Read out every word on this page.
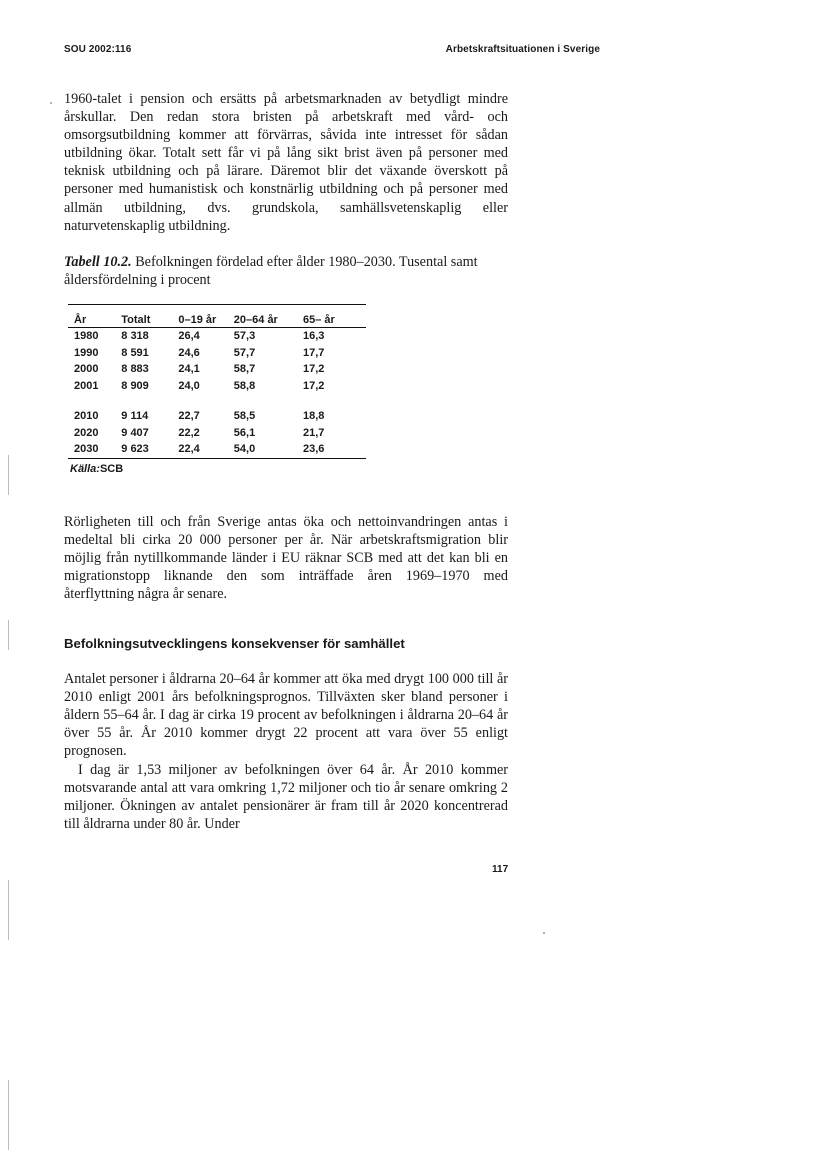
SOU 2002:116	Arbetskraftsituationen i Sverige

1960-talet i pension och ersätts på arbetsmarknaden av betydligt mindre årskullar. Den redan stora bristen på arbetskraft med vård- och omsorgsutbildning kommer att förvärras, såvida inte intresset för sådan utbildning ökar. Totalt sett får vi på lång sikt brist även på personer med teknisk utbildning och på lärare. Däremot blir det växande överskott på personer med humanistisk och konstnärlig utbildning och på personer med allmän utbildning, dvs. grundskola, samhällsvetenskaplig eller naturvetenskaplig utbildning.

Tabell 10.2. Befolkningen fördelad efter ålder 1980–2030. Tusental samt åldersfördelning i procent

År	Totalt	0–19 år	20–64 år	65– år
1980	8 318	26,4	57,3	16,3
1990	8 591	24,6	57,7	17,7
2000	8 883	24,1	58,7	17,2
2001	8 909	24,0	58,8	17,2

2010	9 114	22,7	58,5	18,8
2020	9 407	22,2	56,1	21,7
2030	9 623	22,4	54,0	23,6
Källa:SCB

Rörligheten till och från Sverige antas öka och nettoinvandringen antas i medeltal bli cirka 20 000 personer per år. När arbetskraftsmigration blir möjlig från nytillkommande länder i EU räknar SCB med att det kan bli en migrationstopp liknande den som inträffade åren 1969–1970 med återflyttning några år senare.

Befolkningsutvecklingens konsekvenser för samhället

Antalet personer i åldrarna 20–64 år kommer att öka med drygt 100 000 till år 2010 enligt 2001 års befolkningsprognos. Tillväxten sker bland personer i åldern 55–64 år. I dag är cirka 19 procent av befolkningen i åldrarna 20–64 år över 55 år. År 2010 kommer drygt 22 procent att vara över 55 enligt prognosen.

I dag är 1,53 miljoner av befolkningen över 64 år. År 2010 kommer motsvarande antal att vara omkring 1,72 miljoner och tio år senare omkring 2 miljoner. Ökningen av antalet pensionärer är fram till år 2020 koncentrerad till åldrarna under 80 år. Under

117
